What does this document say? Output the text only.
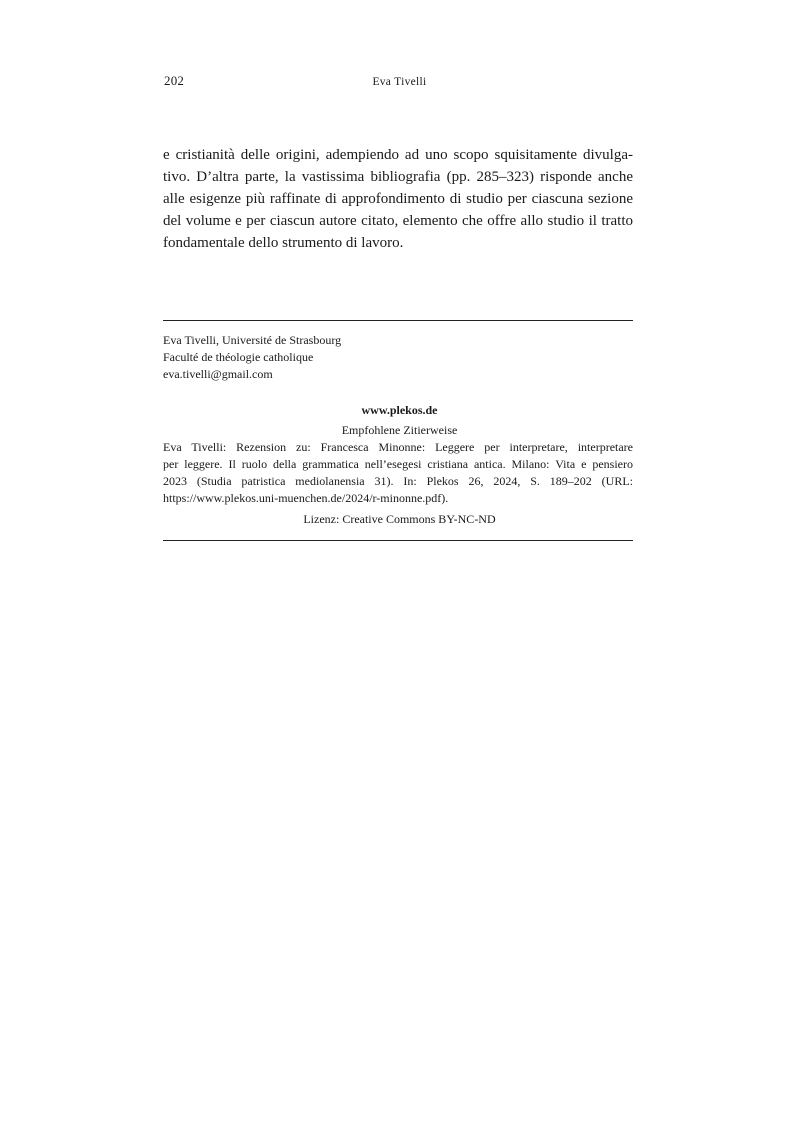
202	Eva Tivelli
e cristianità delle origini, adempiendo ad uno scopo squisitamente divulga-
tivo. D’altra parte, la vastissima bibliografia (pp. 285–323) risponde anche
alle esigenze più raffinate di approfondimento di studio per ciascuna sezione
del volume e per ciascun autore citato, elemento che offre allo studio il tratto
fondamentale dello strumento di lavoro.
Eva Tivelli, Université de Strasbourg
Faculté de théologie catholique
eva.tivelli@gmail.com
www.plekos.de
Empfohlene Zitierweise
Eva Tivelli: Rezension zu: Francesca Minonne: Leggere per interpretare, interpretare
per leggere. Il ruolo della grammatica nell’esegesi cristiana antica. Milano: Vita e pensiero
2023 (Studia patristica mediolanensia 31). In: Plekos 26, 2024, S. 189–202 (URL:
https://www.plekos.uni-muenchen.de/2024/r-minonne.pdf).
Lizenz: Creative Commons BY-NC-ND
